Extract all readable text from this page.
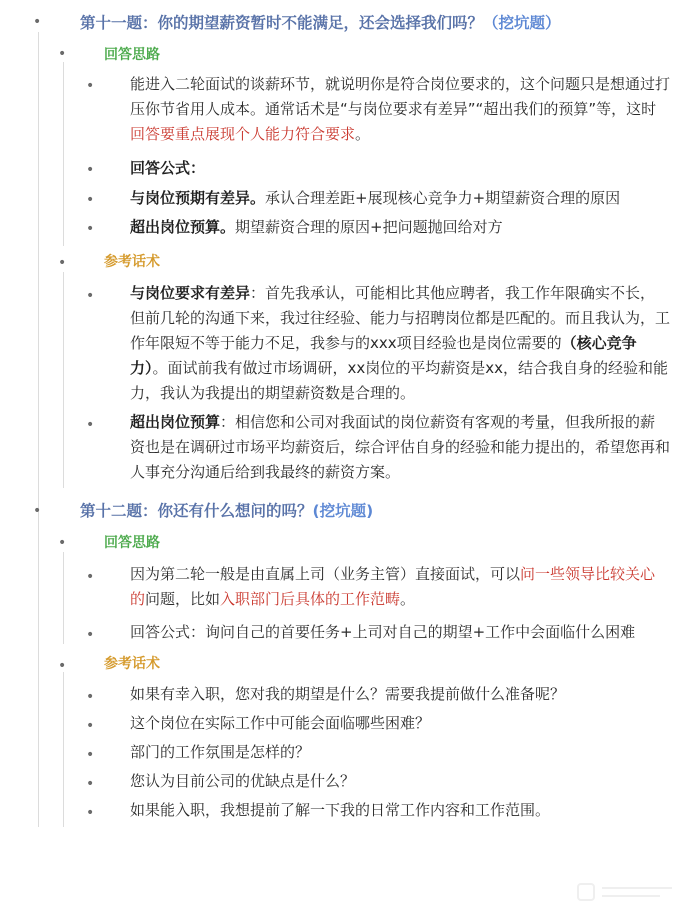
• 第十一题：你的期望薪资暂时不能满足，还会选择我们吗？（挖坑题）
•	回答思路
• 能进入二轮面试的谈薪环节，就说明你是符合岗位要求的，这个问题只是想通过打压你节省用人成本。通常话术是“与岗位要求有差异”“超出我们的预算”等，这时回答要重点展现个人能力符合要求。
• 回答公式：
• 与岗位预期有差异。承认合理差距+展现核心竞争力+期望薪资合理的原因
• 超出岗位预算。期望薪资合理的原因+把问题抛回给对方
•	参考话术
• 与岗位要求有差异：首先我承认，可能相比其他应聘者，我工作年限确实不长，但前几轮的沟通下来，我过往经验、能力与招聘岗位都是匹配的。而且我认为，工作年限短不等于能力不足，我参与的xxx项目经验也是岗位需要的（核心竞争力）。面试前我有做过市场调研，xx岗位的平均薪资是xx，结合我自身的经验和能力，我认为我提出的期望薪资数是合理的。
• 超出岗位预算：相信您和公司对我面试的岗位薪资有客观的考量，但我所报的薪资也是在调研过市场平均薪资后，综合评估自身的经验和能力提出的，希望您再和人事充分沟通后给到我最终的薪资方案。
• 第十二题：你还有什么想问的吗？(挖坑题)
•	回答思路
• 因为第二轮一般是由直属上司（业务主管）直接面试，可以问一些领导比较关心的问题，比如入职部门后具体的工作范畴。
• 回答公式：询问自己的首要任务+上司对自己的期望+工作中会面临什么困难
•	参考话术
• 如果有幸入职，您对我的期望是什么？需要我提前做什么准备呢？
• 这个岗位在实际工作中可能会面临哪些困难？
• 部门的工作氛围是怎样的？
• 您认为目前公司的优缺点是什么？
• 如果能入职，我想提前了解一下我的日常工作内容和工作范围。
